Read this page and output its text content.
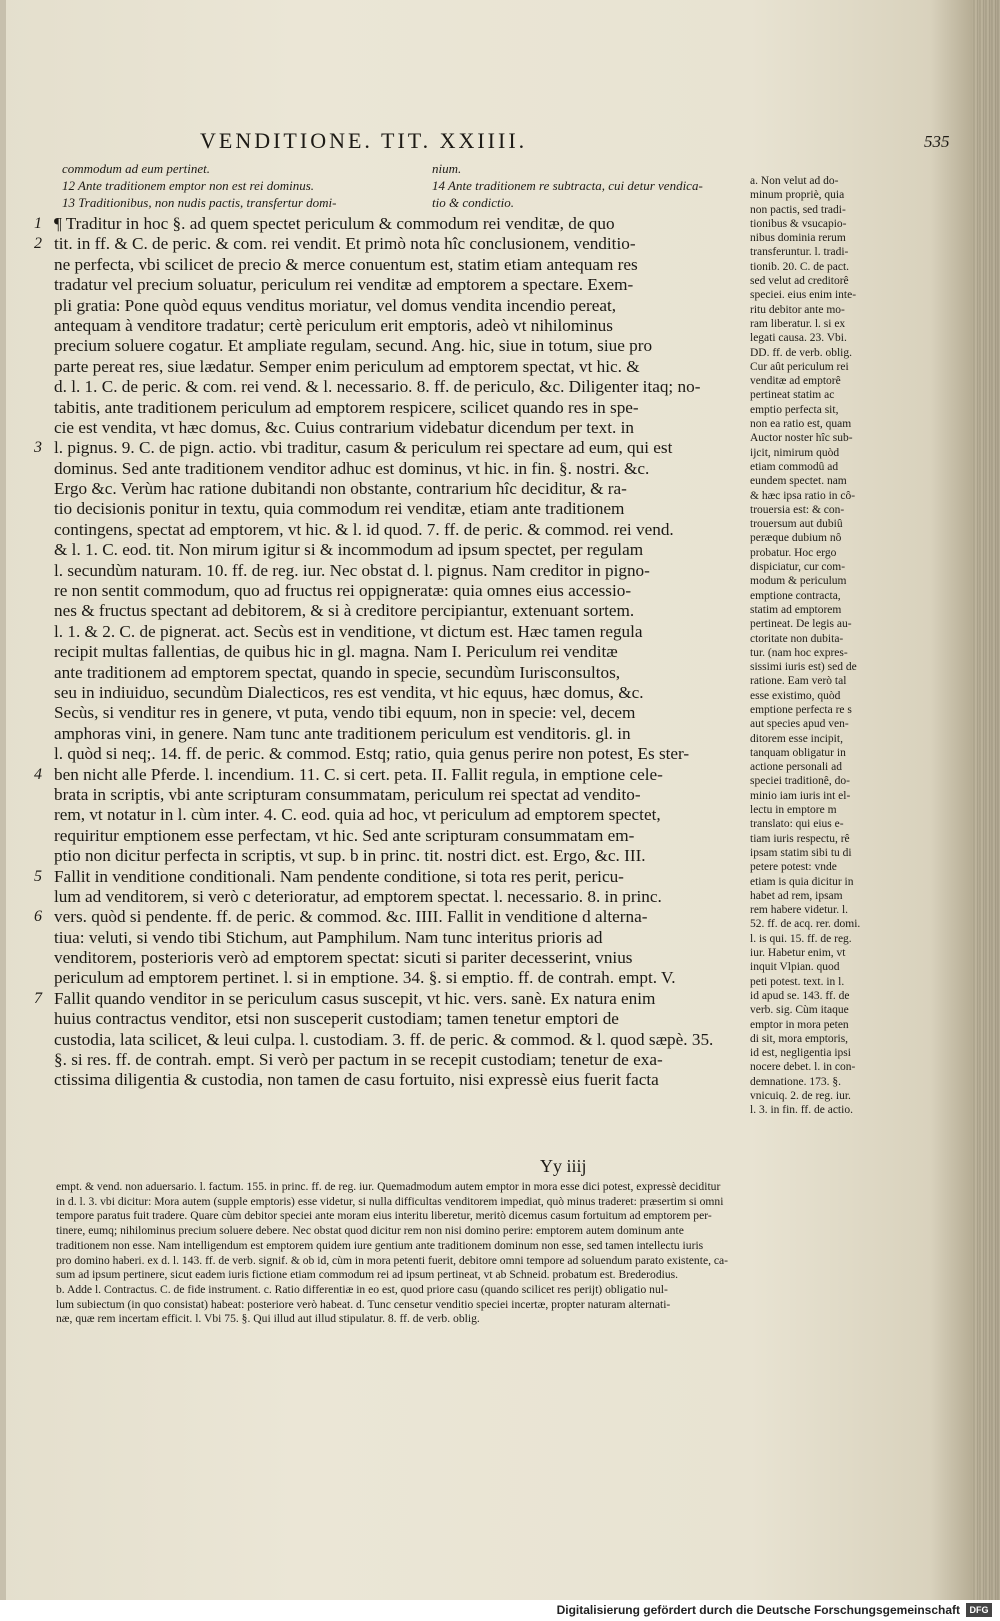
VENDITIONE. TIT. XXIIII.	535
commodum ad eum pertinet.	nium.
12 Ante traditionem emptor non est rei dominus.	14 Ante traditionem re subtracta, cui detur vendica-
13 Traditionibus, non nudis pactis, transfertur domi-	tio & condictio.
1 ¶ Traditur in hoc §. ad quem spectet periculum & commodum rei venditæ, de quo
2 tit. in ff. & C. de peric. & com. rei vendit. Et primò nota hîc conclusionem, venditio-
ne perfecta, vbi scilicet de precio & merce conuentum est, statim etiam antequam res
tradatur vel precium soluatur, periculum rei venditæ ad emptorem a spectare. Exem-
pli gratia: Pone quòd equus venditus moriatur, vel domus vendita incendio pereat,
antequam à venditore tradatur; certè periculum erit emptoris, adeò vt nihilominus
precium soluere cogatur. Et ampliate regulam, secund. Ang. hic, siue in totum, siue pro
parte pereat res, siue lædatur. Semper enim periculum ad emptorem spectat, vt hic. &
d. l. 1. C. de peric. & com. rei vend. & l. necessario. 8. ff. de periculo, &c. Diligenter itaq; no-
tabitis, ante traditionem periculum ad emptorem respicere, scilicet quando res in spe-
cie est vendita, vt hæc domus, &c. Cuius contrarium videbatur dicendum per text. in
3 l. pignus. 9. C. de pign. actio. vbi traditur, casum & periculum rei spectare ad eum, qui est
dominus. Sed ante traditionem venditor adhuc est dominus, vt hic. in fin. §. nostri. &c.
Ergo &c. Verùm hac ratione dubitandi non obstante, contrarium hîc deciditur, & ra-
tio decisionis ponitur in textu, quia commodum rei venditæ, etiam ante traditionem
contingens, spectat ad emptorem, vt hic. & l. id quod. 7. ff. de peric. & commod. rei vend.
& l. 1. C. eod. tit. Non mirum igitur si & incommodum ad ipsum spectet, per regulam
l. secundùm naturam. 10. ff. de reg. iur. Nec obstat d. l. pignus. Nam creditor in pigno-
re non sentit commodum, quo ad fructus rei oppigneratæ: quia omnes eius accessio-
nes & fructus spectant ad debitorem, & si à creditore percipiantur, extenuant sortem.
l. 1. & 2. C. de pignerat. act. Secùs est in venditione, vt dictum est. Hæc tamen regula
recipit multas fallentias, de quibus hic in gl. magna. Nam I. Periculum rei venditæ
ante traditionem ad emptorem spectat, quando in specie, secundùm Iurisconsultos,
seu in indiuiduo, secundùm Dialecticos, res est vendita, vt hic equus, hæc domus, &c.
Secùs, si venditur res in genere, vt puta, vendo tibi equum, non in specie: vel, decem
amphoras vini, in genere. Nam tunc ante traditionem periculum est venditoris. gl. in
l. quòd si neq;. 14. ff. de peric. & commod. Estq; ratio, quia genus perire non potest, Es ster-
4 ben nicht alle Pferde. l. incendium. 11. C. si cert. peta. II. Fallit regula, in emptione cele-
brata in scriptis, vbi ante scripturam consummatam, periculum rei spectat ad vendito-
rem, vt notatur in l. cùm inter. 4. C. eod. quia ad hoc, vt periculum ad emptorem spectet,
requiritur emptionem esse perfectam, vt hic. Sed ante scripturam consummatam em-
ptio non dicitur perfecta in scriptis, vt sup. b in princ. tit. nostri dict. est. Ergo, &c. III.
5 Fallit in venditione conditionali. Nam pendente conditione, si tota res perit, pericu-
lum ad venditorem, si verò c deterioratur, ad emptorem spectat. l. necessario. 8. in princ.
6 vers. quòd si pendente. ff. de peric. & commod. &c. IIII. Fallit in venditione d alterna-
tiua: veluti, si vendo tibi Stichum, aut Pamphilum. Nam tunc interitus prioris ad
venditorem, posterioris verò ad emptorem spectat: sicuti si pariter decesserint, vnius
periculum ad emptorem pertinet. l. si in emptione. 34. §. si emptio. ff. de contrah. empt. V.
7 Fallit quando venditor in se periculum casus suscepit, vt hic. vers. sanè. Ex natura enim
huius contractus venditor, etsi non susceperit custodiam; tamen tenetur emptori de
custodia, lata scilicet, & leui culpa. l. custodiam. 3. ff. de peric. & commod. & l. quod sæpè. 35.
§. si res. ff. de contrah. empt. Si verò per pactum in se recepit custodiam; tenetur de exa-
ctissima diligentia & custodia, non tamen de casu fortuito, nisi expressè eius fuerit facta
a. Non velut ad do-minum propriè, quianon pactis, sed tradi-tionibus & vsucapio-nibus dominia rerumtransferuntur. l. tradi-tionib. 20. C. de pact.sed velut ad creditorêspeciei. eius enim inte-ritu debitor ante mo-ram liberatur. l. si exlegati causa. 23. Vbi.DD. ff. de verb. oblig.Cur aût periculum reivenditæ ad emptorêpertineat statim acemptio perfecta sit,non ea ratio est, quamAuctor noster hîc sub-ijcit, nimirum quòdetiam commodû adeundem spectet. nam& hæc ipsa ratio in cô-trouersia est: & con-trouersum aut dubiûperæque dubium nôprobatur. Hoc ergodispiciatur, cur com-modum & periculumemptione contracta,statim ad emptorempertineat. De legis au-ctoritate non dubita-tur. (nam hoc expres-sissimi iuris est) sed deratione. Eam verò talesse existimo, quòdemptione perfecta re saut species apud ven-ditorem esse incipit,tanquam obligatur inactione personali adspeciei traditionê, do-minio iam iuris int el-lectu in emptore mtranslato: qui eius e-tiam iuris respectu, rêipsam statim sibi tu dipetere potest: vndeetiam is quia dicitur inhabet ad rem, ipsamrem habere videtur. l.52. ff. de acq. rer. domi.l. is qui. 15. ff. de reg.iur. Habetur enim, vtinquit Vlpian. quodpeti potest. text. in l.id apud se. 143. ff. deverb. sig. Cùm itaqueemptor in mora petendi sit, mora emptoris,id est, negligentia ipsinocere debet. l. in con-demnatione. 173. §.vnicuiq. 2. de reg. iur.l. 3. in fin. ff. de actio.
Yy iiij
empt. & vend. non aduersario. l. factum. 155. in princ. ff. de reg. iur. Quemadmodum autem emptor in mora esse dici potest, expressè deciditurin d. l. 3. vbi dicitur: Mora autem (supple emptoris) esse videtur, si nulla difficultas venditorem impediat, quò minus traderet: præsertim si omnitempore paratus fuit tradere. Quare cùm debitor speciei ante moram eius interitu liberetur, meritò dicemus casum fortuitum ad emptorem per-tinere, eumq; nihilominus precium soluere debere. Nec obstat quod dicitur rem non nisi domino perire: emptorem autem dominum antetraditionem non esse. Nam intelligendum est emptorem quidem iure gentium ante traditionem dominum non esse, sed tamen intellectu iurispro domino haberi. ex d. l. 143. ff. de verb. signif. & ob id, cùm in mora petenti fuerit, debitore omni tempore ad soluendum parato existente, ca-sum ad ipsum pertinere, sicut eadem iuris fictione etiam commodum rei ad ipsum pertineat, vt ab Schneid. probatum est. Brederodius.b. Adde l. Contractus. C. de fide instrument. c. Ratio differentiæ in eo est, quod priore casu (quando scilicet res perijt) obligatio nul-lum subiectum (in quo consistat) habeat: posteriore verò habeat. d. Tunc censetur venditio speciei incertæ, propter naturam alternati-næ, quæ rem incertam efficit. l. Vbi 75. §. Qui illud aut illud stipulatur. 8. ff. de verb. oblig.
Digitalisierung gefördert durch die Deutsche Forschungsgemeinschaft	DFG
